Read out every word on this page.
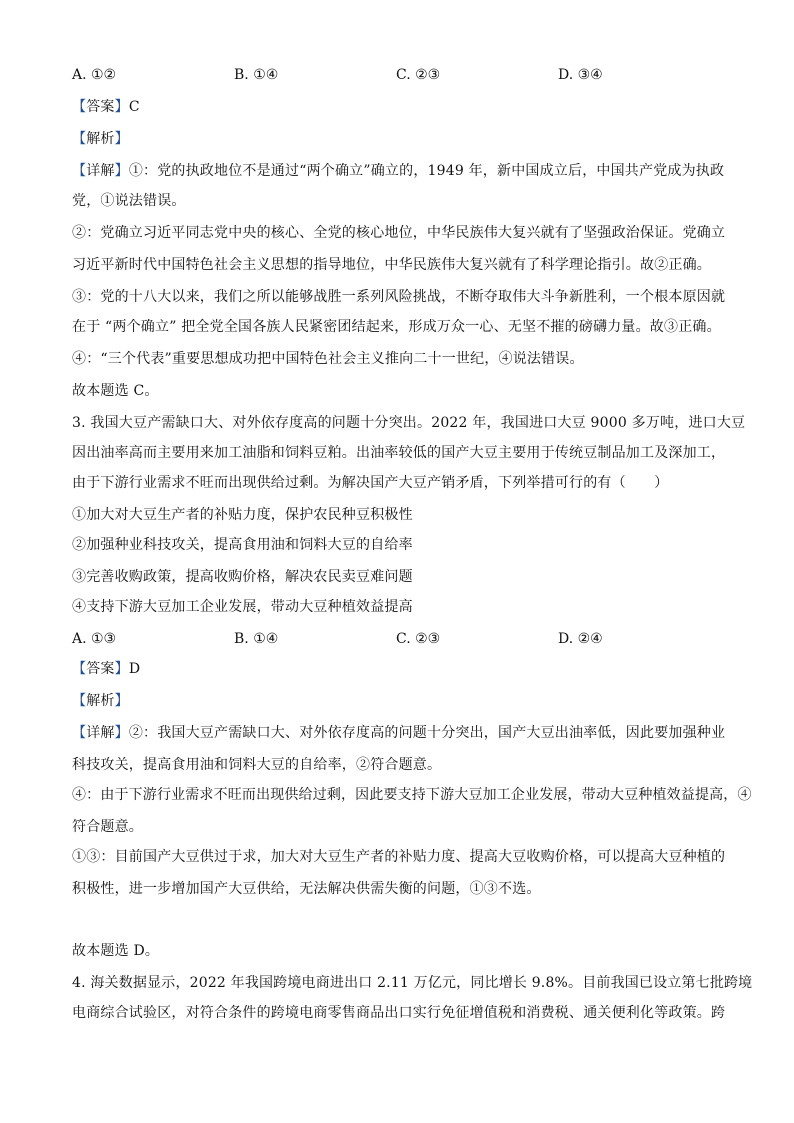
A. ①②	B. ①④	C. ②③	D. ③④
【答案】C
【解析】
【详解】①：党的执政地位不是通过“两个确立”确立的，1949 年，新中国成立后，中国共产党成为执政
党，①说法错误。
②：党确立习近平同志党中央的核心、全党的核心地位，中华民族伟大复兴就有了坚强政治保证。党确立
习近平新时代中国特色社会主义思想的指导地位，中华民族伟大复兴就有了科学理论指引。故②正确。
③：党的十八大以来，我们之所以能够战胜一系列风险挑战，不断夺取伟大斗争新胜利，一个根本原因就
在于 “两个确立” 把全党全国各族人民紧密团结起来，形成万众一心、无坚不摧的磅礴力量。故③正确。
④：“三个代表”重要思想成功把中国特色社会主义推向二十一世纪，④说法错误。
故本题选 C。
3. 我国大豆产需缺口大、对外依存度高的问题十分突出。2022 年，我国进口大豆 9000 多万吨，进口大豆
因出油率高而主要用来加工油脂和饲料豆粕。出油率较低的国产大豆主要用于传统豆制品加工及深加工，
由于下游行业需求不旺而出现供给过剩。为解决国产大豆产销矛盾，下列举措可行的有（　　）
①加大对大豆生产者的补贴力度，保护农民种豆积极性
②加强种业科技攻关，提高食用油和饲料大豆的自给率
③完善收购政策，提高收购价格，解决农民卖豆难问题
④支持下游大豆加工企业发展，带动大豆种植效益提高
A. ①③	B. ①④	C. ②③	D. ②④
【答案】D
【解析】
【详解】②：我国大豆产需缺口大、对外依存度高的问题十分突出，国产大豆出油率低，因此要加强种业
科技攻关，提高食用油和饲料大豆的自给率，②符合题意。
④：由于下游行业需求不旺而出现供给过剩，因此要支持下游大豆加工企业发展，带动大豆种植效益提高，④
符合题意。
①③：目前国产大豆供过于求，加大对大豆生产者的补贴力度、提高大豆收购价格，可以提高大豆种植的
积极性，进一步增加国产大豆供给，无法解决供需失衡的问题，①③不选。
故本题选 D。
4. 海关数据显示，2022 年我国跨境电商进出口 2.11 万亿元，同比增长 9.8%。目前我国已设立第七批跨境
电商综合试验区，对符合条件的跨境电商零售商品出口实行免征增值税和消费税、通关便利化等政策。跨
